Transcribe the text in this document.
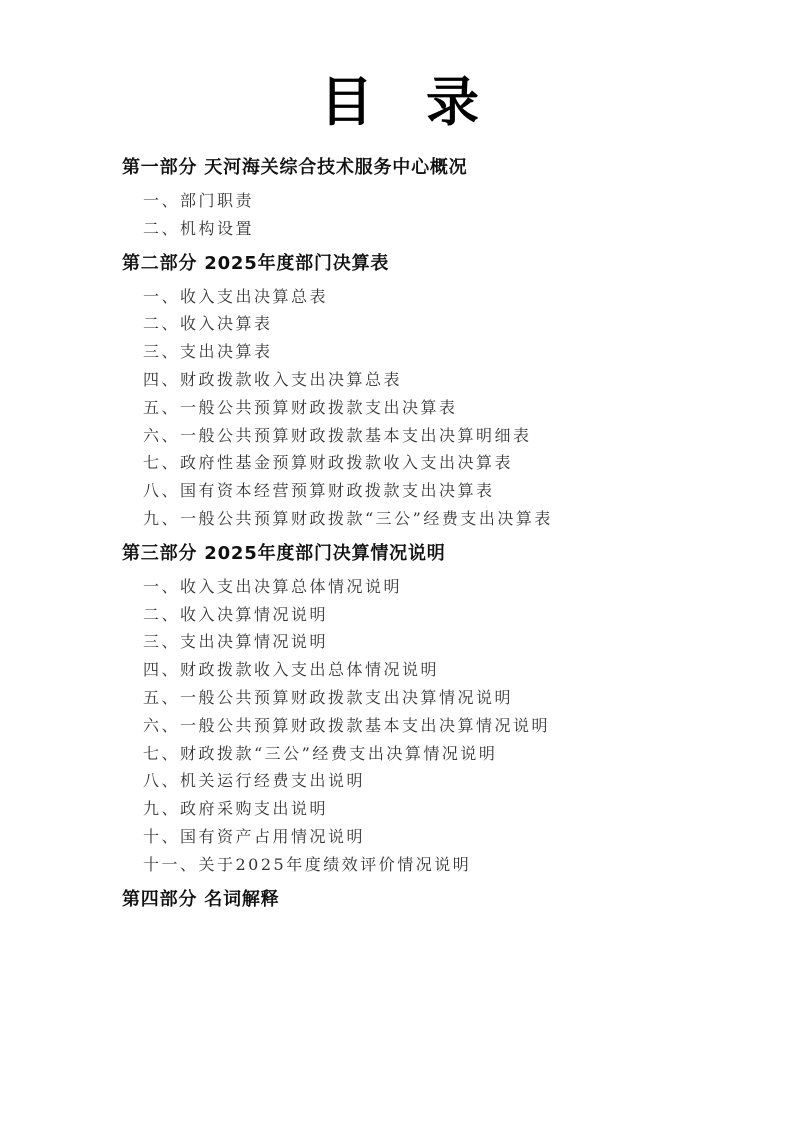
目　录
第一部分 天河海关综合技术服务中心概况
一、部门职责
二、机构设置
第二部分 2025年度部门决算表
一、收入支出决算总表
二、收入决算表
三、支出决算表
四、财政拨款收入支出决算总表
五、一般公共预算财政拨款支出决算表
六、一般公共预算财政拨款基本支出决算明细表
七、政府性基金预算财政拨款收入支出决算表
八、国有资本经营预算财政拨款支出决算表
九、一般公共预算财政拨款“三公”经费支出决算表
第三部分 2025年度部门决算情况说明
一、收入支出决算总体情况说明
二、收入决算情况说明
三、支出决算情况说明
四、财政拨款收入支出总体情况说明
五、一般公共预算财政拨款支出决算情况说明
六、一般公共预算财政拨款基本支出决算情况说明
七、财政拨款“三公”经费支出决算情况说明
八、机关运行经费支出说明
九、政府采购支出说明
十、国有资产占用情况说明
十一、关于2025年度绩效评价情况说明
第四部分 名词解释
